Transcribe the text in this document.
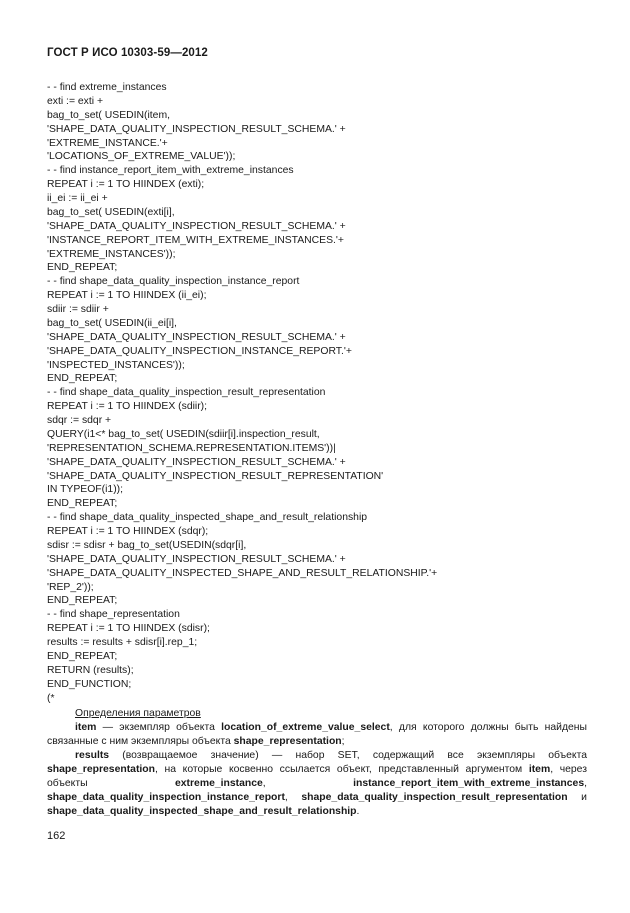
ГОСТ Р ИСО 10303-59—2012
- - find extreme_instances
exti := exti +
bag_to_set( USEDIN(item,
'SHAPE_DATA_QUALITY_INSPECTION_RESULT_SCHEMA.' +
'EXTREME_INSTANCE.'+
'LOCATIONS_OF_EXTREME_VALUE'));
- - find instance_report_item_with_extreme_instances
REPEAT i := 1 TO HIINDEX (exti);
ii_ei := ii_ei +
bag_to_set( USEDIN(exti[i],
'SHAPE_DATA_QUALITY_INSPECTION_RESULT_SCHEMA.' +
'INSTANCE_REPORT_ITEM_WITH_EXTREME_INSTANCES.'+
'EXTREME_INSTANCES'));
END_REPEAT;
- - find shape_data_quality_inspection_instance_report
REPEAT i := 1 TO HIINDEX (ii_ei);
sdiir := sdiir +
bag_to_set( USEDIN(ii_ei[i],
'SHAPE_DATA_QUALITY_INSPECTION_RESULT_SCHEMA.' +
'SHAPE_DATA_QUALITY_INSPECTION_INSTANCE_REPORT.'+
'INSPECTED_INSTANCES'));
END_REPEAT;
- - find shape_data_quality_inspection_result_representation
REPEAT i := 1 TO HIINDEX (sdiir);
sdqr := sdqr +
QUERY(i1<* bag_to_set( USEDIN(sdiir[i].inspection_result,
'REPRESENTATION_SCHEMA.REPRESENTATION.ITEMS'))|
'SHAPE_DATA_QUALITY_INSPECTION_RESULT_SCHEMA.' +
'SHAPE_DATA_QUALITY_INSPECTION_RESULT_REPRESENTATION'
IN TYPEOF(i1));
END_REPEAT;
- - find shape_data_quality_inspected_shape_and_result_relationship
REPEAT i := 1 TO HIINDEX (sdqr);
sdisr := sdisr + bag_to_set(USEDIN(sdqr[i],
'SHAPE_DATA_QUALITY_INSPECTION_RESULT_SCHEMA.' +
'SHAPE_DATA_QUALITY_INSPECTED_SHAPE_AND_RESULT_RELATIONSHIP.'+
'REP_2'));
END_REPEAT;
- - find shape_representation
REPEAT i := 1 TO HIINDEX (sdisr);
results := results + sdisr[i].rep_1;
END_REPEAT;
RETURN (results);
END_FUNCTION;
(*

Определения параметров

item — экземпляр объекта location_of_extreme_value_select, для которого должны быть найдены связанные с ним экземпляры объекта shape_representation;

results (возвращаемое значение) — набор SET, содержащий все экземпляры объекта shape_representation, на которые косвенно ссылается объект, представленный аргументом item, через объекты extreme_instance, instance_report_item_with_extreme_instances, shape_data_quality_inspection_instance_report, shape_data_quality_inspection_result_representation и shape_data_quality_inspected_shape_and_result_relationship.

162
